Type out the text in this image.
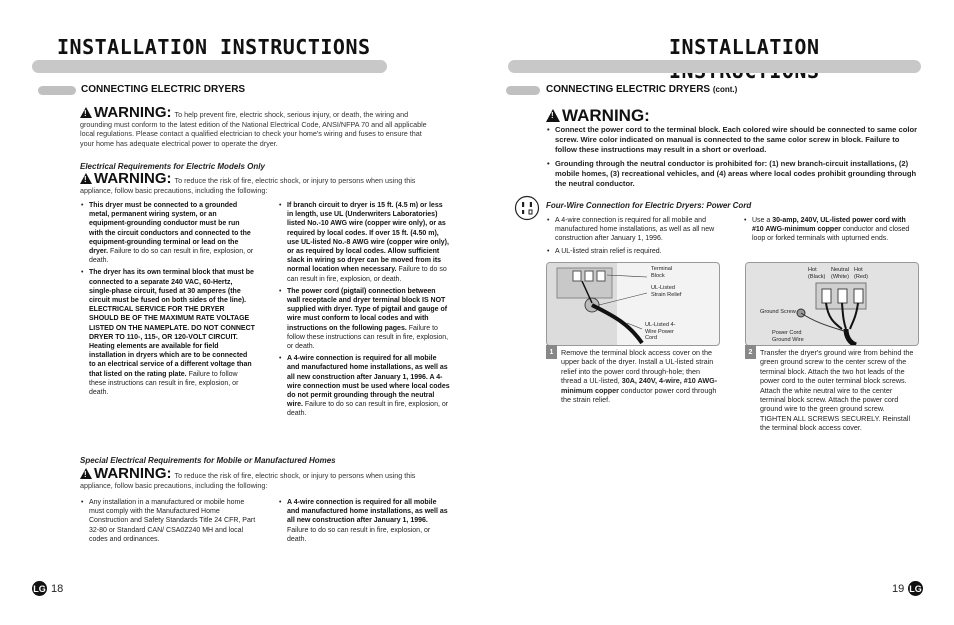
INSTALLATION INSTRUCTIONS
CONNECTING ELECTRIC DRYERS
!WARNING: To help prevent fire, electric shock, serious injury, or death, the wiring and grounding must conform to the latest edition of the National Electrical Code, ANSI/NFPA 70 and all applicable local regulations. Please contact a qualified electrician to check your home's wiring and fuses to ensure that your home has adequate electrical power to operate the dryer.
Electrical Requirements for Electric Models Only
!WARNING: To reduce the risk of fire, electric shock, or injury to persons when using this appliance, follow basic precautions, including the following:
• This dryer must be connected to a grounded metal, permanent wiring system, or an equipment-grounding conductor must be run with the circuit conductors and connected to the equipment-grounding terminal or lead on the dryer. Failure to do so can result in fire, explosion, or death.
• The dryer has its own terminal block that must be connected to a separate 240 VAC, 60-Hertz, single-phase circuit, fused at 30 amperes (the circuit must be fused on both sides of the line). ELECTRICAL SERVICE FOR THE DRYER SHOULD BE OF THE MAXIMUM RATE VOLTAGE LISTED ON THE NAMEPLATE. DO NOT CONNECT DRYER TO 110-, 115-, OR 120-VOLT CIRCUIT. Heating elements are available for field installation in dryers which are to be connected to an electrical service of a different voltage than that listed on the rating plate. Failure to follow these instructions can result in fire, explosion, or death.
• If branch circuit to dryer is 15 ft. (4.5 m) or less in length, use UL (Underwriters Laboratories) listed No.-10 AWG wire (copper wire only), or as required by local codes. If over 15 ft. (4.50 m), use UL-listed No.-8 AWG wire (copper wire only), or as required by local codes. Allow sufficient slack in wiring so dryer can be moved from its normal location when necessary. Failure to do so can result in fire, explosion, or death.
• The power cord (pigtail) connection between wall receptacle and dryer terminal block IS NOT supplied with dryer. Type of pigtail and gauge of wire must conform to local codes and with instructions on the following pages. Failure to follow these instructions can result in fire, explosion, or death.
• A 4-wire connection is required for all mobile and manufactured home installations, as well as all new construction after January 1, 1996. A 4-wire connection must be used where local codes do not permit grounding through the neutral wire. Failure to do so can result in fire, explosion, or death.
Special Electrical Requirements for Mobile or Manufactured Homes
!WARNING: To reduce the risk of fire, electric shock, or injury to persons when using this appliance, follow basic precautions, including the following:
• Any installation in a manufactured or mobile home must comply with the Manufactured Home Construction and Safety Standards Title 24 CFR, Part 32-80 or Standard CAN/ CSA0Z240 MH and local codes and ordinances.
• A 4-wire connection is required for all mobile and manufactured home installations, as well as all new construction after January 1, 1996. Failure to do so can result in fire, explosion, or death.
LG 18
INSTALLATION
CONNECTING ELECTRIC DRYERS (cont.)
!WARNING:
• Connect the power cord to the terminal block. Each colored wire should be connected to same color screw. Wire color indicated on manual is connected to the same color screw in block. Failure to follow these instructions may result in a short or overload.
• Grounding through the neutral conductor is prohibited for: (1) new branch-circuit installations, (2) mobile homes, (3) recreational vehicles, and (4) areas where local codes prohibit grounding through the neutral conductor.
Four-Wire Connection for Electric Dryers: Power Cord
• A 4-wire connection is required for all mobile and manufactured home installations, as well as all new construction after January 1, 1996.
• A UL-listed strain relief is required.
• Use a 30-amp, 240V, UL-listed power cord with #10 AWG-minimum copper conductor and closed loop or forked terminals with upturned ends.
Terminal Block
UL-Listed Strain Relief
UL-Listed 4-Wire Power Cord
Hot (Black)
Neutral (White)
Hot (Red)
Ground Screw
Power Cord Ground Wire
1	Remove the terminal block access cover on the upper back of the dryer. Install a UL-listed strain relief into the power cord through-hole; then thread a UL-listed, 30A, 240V, 4-wire, #10 AWG-minimum copper conductor power cord through the strain relief.
2	Transfer the dryer's ground wire from behind the green ground screw to the center screw of the terminal block. Attach the two hot leads of the power cord to the outer terminal block screws. Attach the white neutral wire to the center terminal block screw. Attach the power cord ground wire to the green ground screw. TIGHTEN ALL SCREWS SECURELY. Reinstall the terminal block access cover.
19 LG
